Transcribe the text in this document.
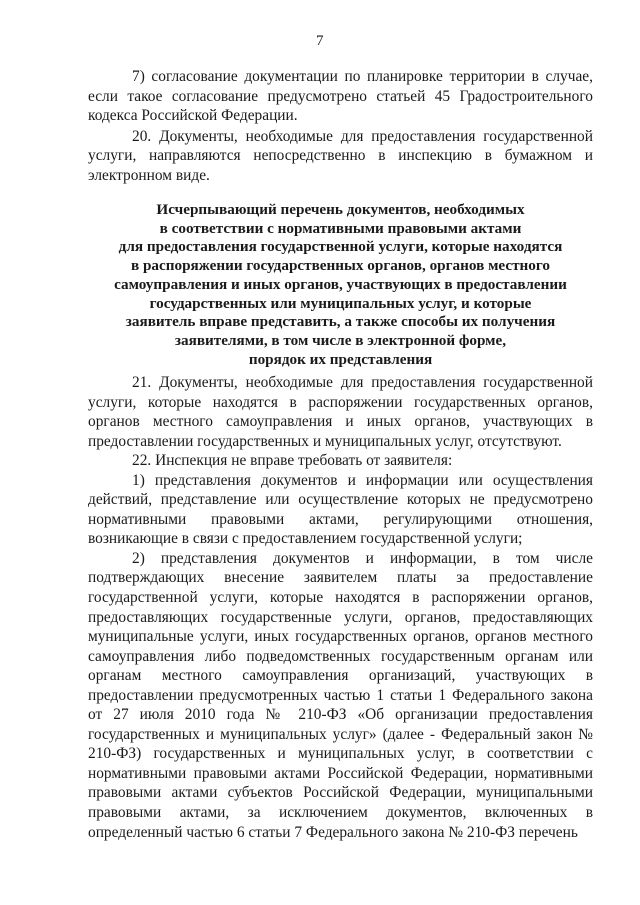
7

7) согласование документации по планировке территории в случае, если такое согласование предусмотрено статьей 45 Градостроительного кодекса Российской Федерации.

20. Документы, необходимые для предоставления государственной услуги, направляются непосредственно в инспекцию в бумажном и электронном виде.

Исчерпывающий перечень документов, необходимых
в соответствии с нормативными правовыми актами
для предоставления государственной услуги, которые находятся
в распоряжении государственных органов, органов местного
самоуправления и иных органов, участвующих в предоставлении
государственных или муниципальных услуг, и которые
заявитель вправе представить, а также способы их получения
заявителями, в том числе в электронной форме,
порядок их представления

21. Документы, необходимые для предоставления государственной услуги, которые находятся в распоряжении государственных органов, органов местного самоуправления и иных органов, участвующих в предоставлении государственных и муниципальных услуг, отсутствуют.

22. Инспекция не вправе требовать от заявителя:

1) представления документов и информации или осуществления действий, представление или осуществление которых не предусмотрено нормативными правовыми актами, регулирующими отношения, возникающие в связи с предоставлением государственной услуги;

2) представления документов и информации, в том числе подтверждающих внесение заявителем платы за предоставление государственной услуги, которые находятся в распоряжении органов, предоставляющих государственные услуги, органов, предоставляющих муниципальные услуги, иных государственных органов, органов местного самоуправления либо подведомственных государственным органам или органам местного самоуправления организаций, участвующих в предоставлении предусмотренных частью 1 статьи 1 Федерального закона от 27 июля 2010 года № 210-ФЗ «Об организации предоставления государственных и муниципальных услуг» (далее - Федеральный закон № 210-ФЗ) государственных и муниципальных услуг, в соответствии с нормативными правовыми актами Российской Федерации, нормативными правовыми актами субъектов Российской Федерации, муниципальными правовыми актами, за исключением документов, включенных в определенный частью 6 статьи 7 Федерального закона № 210-ФЗ перечень
